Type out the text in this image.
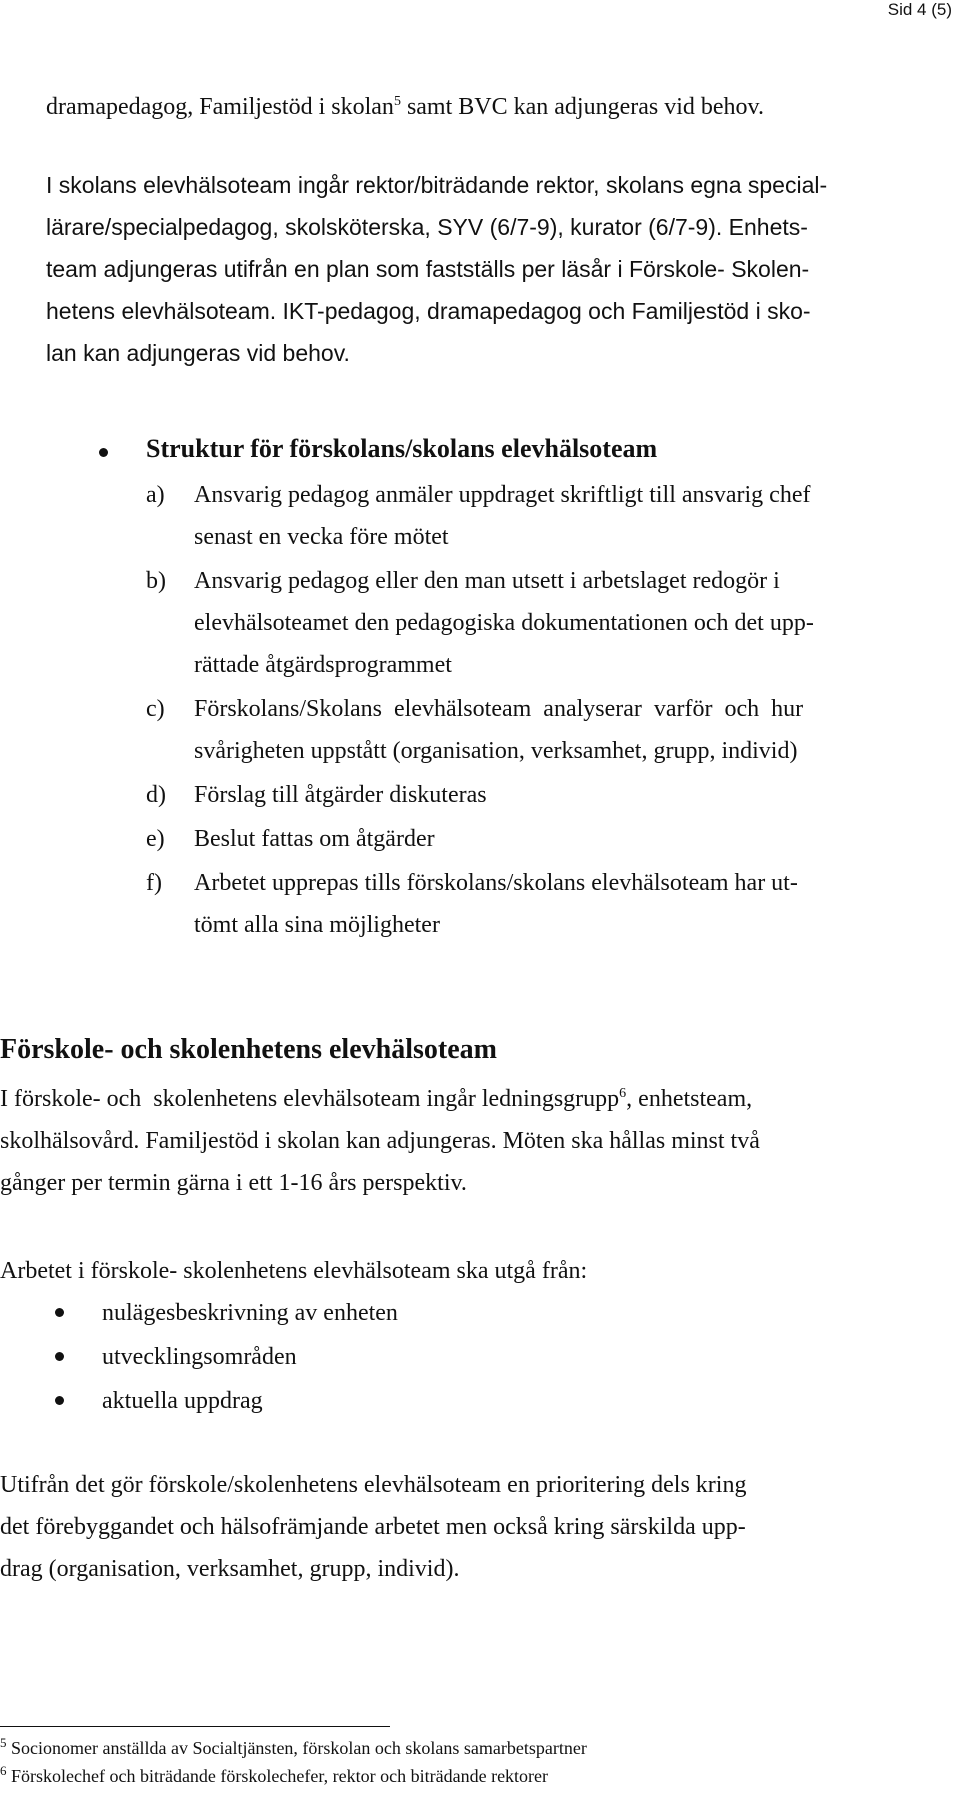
Sid 4 (5)
dramapedagog, Familjestöd i skolan$^5$ samt BVC kan adjungeras vid behov.
I skolans elevhälsoteam ingår rektor/biträdande rektor, skolans egna special-
lärare/specialpedagog, skolsköterska, SYV (6/7-9), kurator (6/7-9). Enhets-
team adjungeras utifrån en plan som fastställs per läsår i Förskole- Skolen-
hetens elevhälsoteam. IKT-pedagog, dramapedagog och Familjestöd i sko-
lan kan adjungeras vid behov.
Struktur för förskolans/skolans elevhälsoteam
a) Ansvarig pedagog anmäler uppdraget skriftligt till ansvarig chef
senast en vecka före mötet
b) Ansvarig pedagog eller den man utsett i arbetslaget redogör i
elevhälsoteamet den pedagogiska dokumentationen och det upp-
rättade åtgärdsprogrammet
c) Förskolans/Skolans elevhälsoteam analyserar varför och hur
svårigheten uppstått (organisation, verksamhet, grupp, individ)
d) Förslag till åtgärder diskuteras
e) Beslut fattas om åtgärder
f) Arbetet upprepas tills förskolans/skolans elevhälsoteam har ut-
tömt alla sina möjligheter
Förskole- och skolenhetens elevhälsoteam
I förskole- och  skolenhetens elevhälsoteam ingår ledningsgrupp$^6$, enhetsteam,
skolhälsovård. Familjestöd i skolan kan adjungeras. Möten ska hållas minst två
gånger per termin gärna i ett 1-16 års perspektiv.
Arbetet i förskole- skolenhetens elevhälsoteam ska utgå från:
nulägesbeskrivning av enheten
utvecklingsområden
aktuella uppdrag
Utifrån det gör förskole/skolenhetens elevhälsoteam en prioritering dels kring
det förebyggandet och hälsofrämjande arbetet men också kring särskilda upp-
drag (organisation, verksamhet, grupp, individ).
$^5$ Socionomer anställda av Socialtjänsten, förskolan och skolans samarbetspartner
$^6$ Förskolechef och biträdande förskolechefer, rektor och biträdande rektorer
